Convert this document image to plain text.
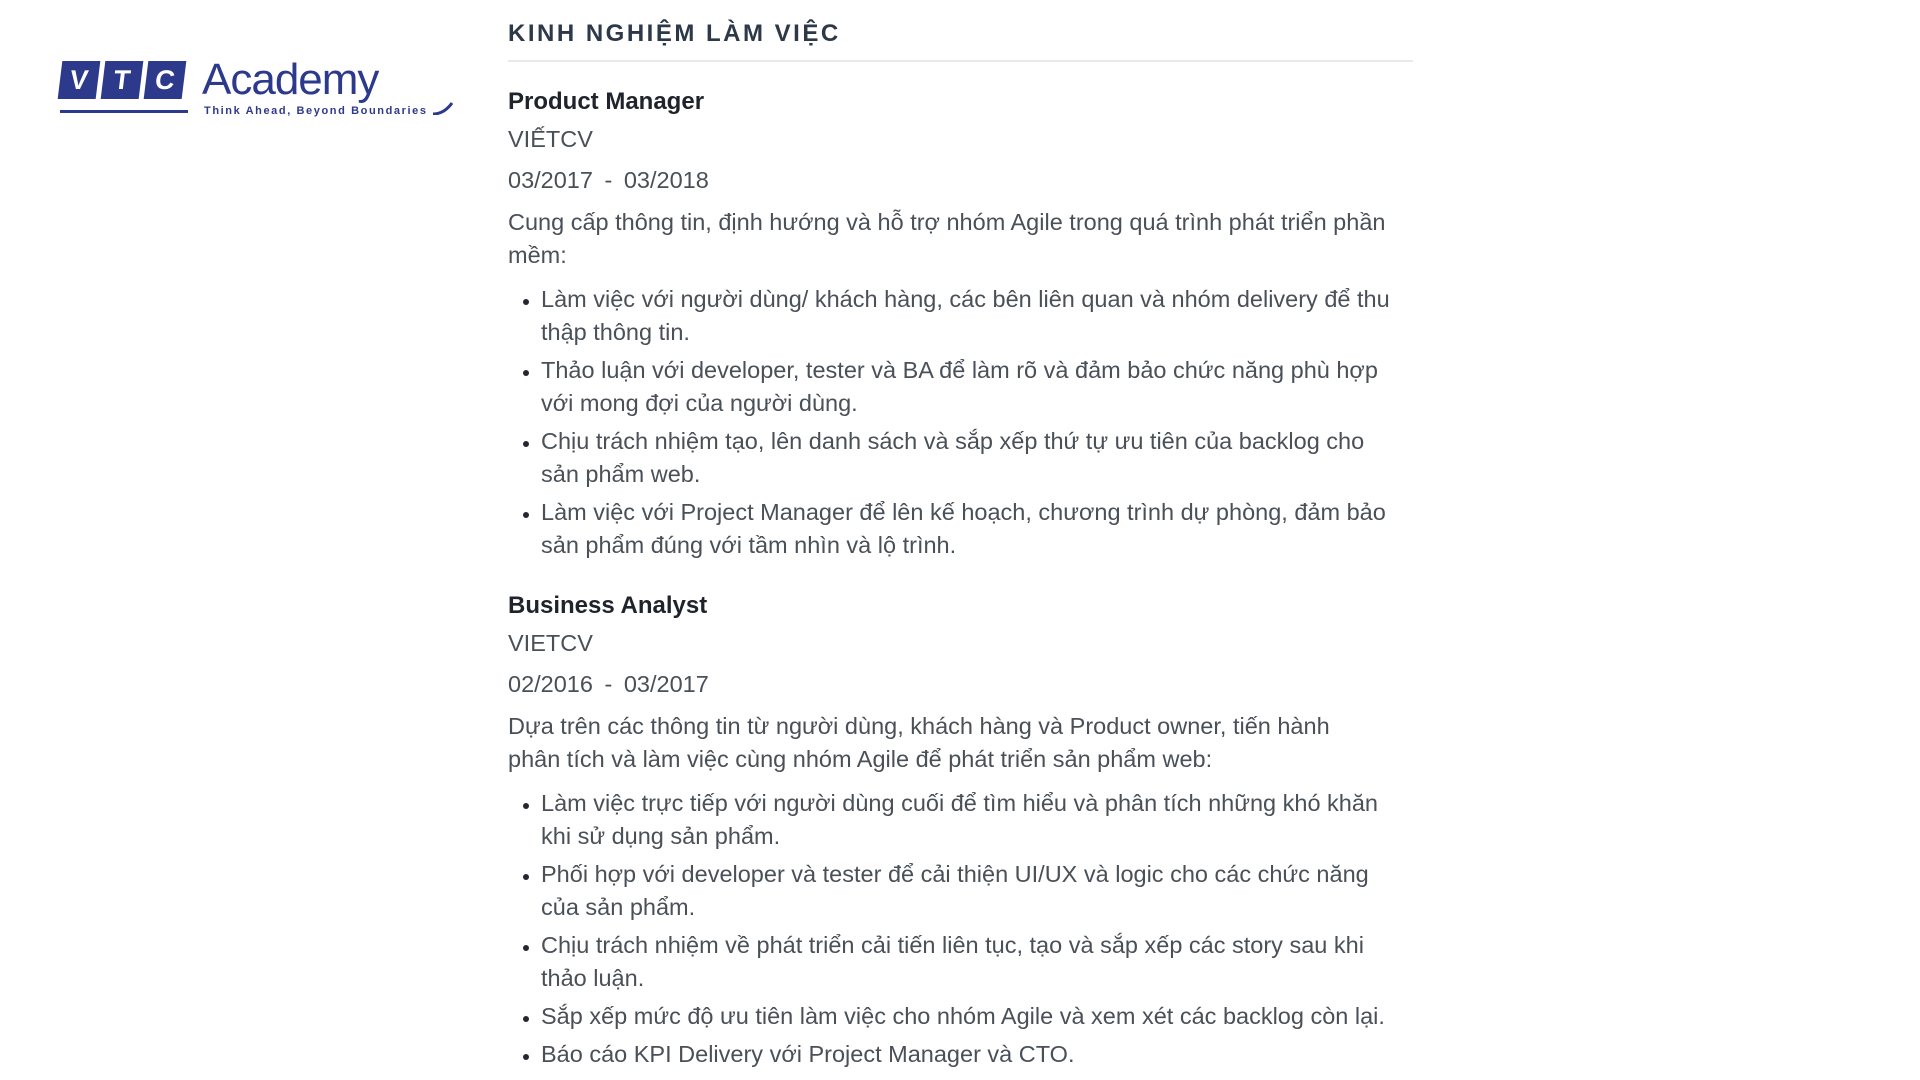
V T C Academy
Think Ahead, Beyond Boundaries
KINH NGHIỆM LÀM VIỆC
Product Manager
VIẾTCV
03/2017 - 03/2018

Cung cấp thông tin, định hướng và hỗ trợ nhóm Agile trong quá trình phát triển phần mềm:

• Làm việc với người dùng/ khách hàng, các bên liên quan và nhóm delivery để thu thập thông tin.
• Thảo luận với developer, tester và BA để làm rõ và đảm bảo chức năng phù hợp với mong đợi của người dùng.
• Chịu trách nhiệm tạo, lên danh sách và sắp xếp thứ tự ưu tiên của backlog cho sản phẩm web.
• Làm việc với Project Manager để lên kế hoạch, chương trình dự phòng, đảm bảo sản phẩm đúng với tầm nhìn và lộ trình.
Business Analyst
VIETCV
02/2016 - 03/2017

Dựa trên các thông tin từ người dùng, khách hàng và Product owner, tiến hành phân tích và làm việc cùng nhóm Agile để phát triển sản phẩm web:

• Làm việc trực tiếp với người dùng cuối để tìm hiểu và phân tích những khó khăn khi sử dụng sản phẩm.
• Phối hợp với developer và tester để cải thiện UI/UX và logic cho các chức năng của sản phẩm.
• Chịu trách nhiệm về phát triển cải tiến liên tục, tạo và sắp xếp các story sau khi thảo luận.
• Sắp xếp mức độ ưu tiên làm việc cho nhóm Agile và xem xét các backlog còn lại.
• Báo cáo KPI Delivery với Project Manager và CTO.
